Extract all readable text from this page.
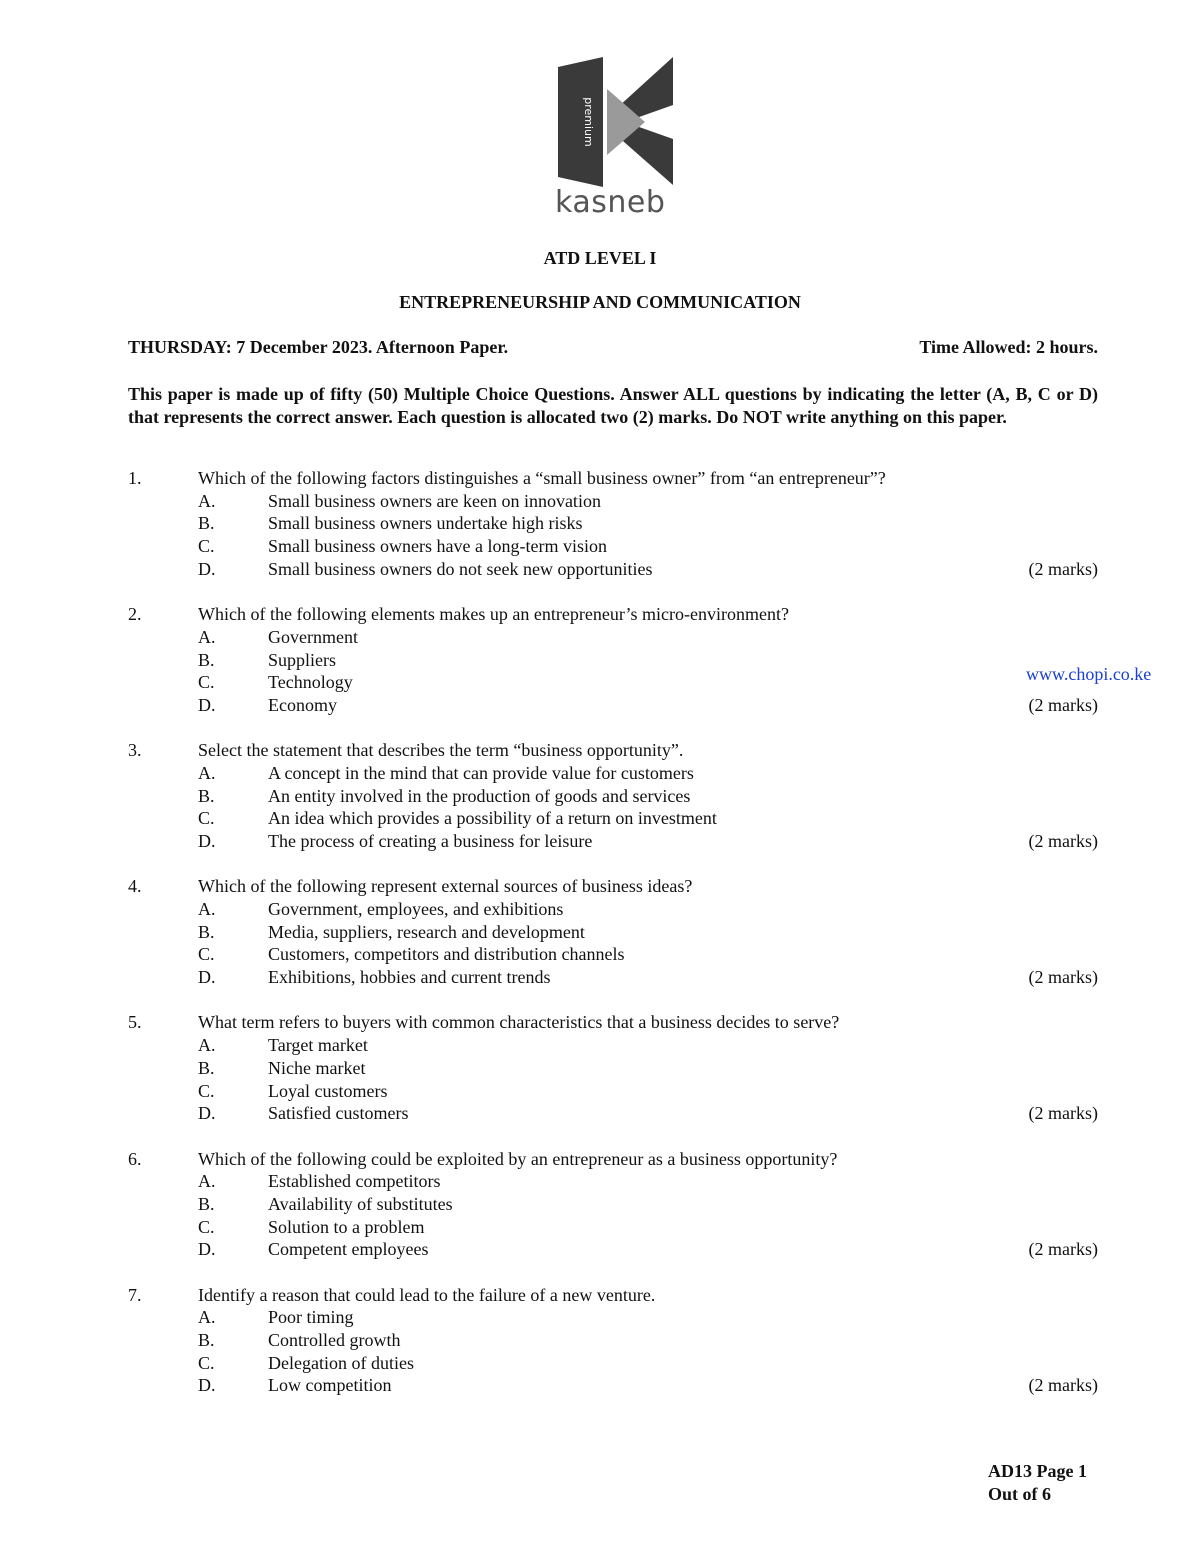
premium
kasneb
ATD LEVEL I
ENTREPRENEURSHIP AND COMMUNICATION
THURSDAY: 7 December 2023. Afternoon Paper.	Time Allowed: 2 hours.
This paper is made up of fifty (50) Multiple Choice Questions. Answer ALL questions by indicating the letter (A, B, C or D) that represents the correct answer. Each question is allocated two (2) marks. Do NOT write anything on this paper.
1.	Which of the following factors distinguishes a “small business owner” from “an entrepreneur”?
A.	Small business owners are keen on innovation
B.	Small business owners undertake high risks
C.	Small business owners have a long-term vision
D.	Small business owners do not seek new opportunities	(2 marks)
2.	Which of the following elements makes up an entrepreneur’s micro-environment?
A.	Government
B.	Suppliers
C.	Technology
D.	Economy	(2 marks)
3.	Select the statement that describes the term “business opportunity”.
A.	A concept in the mind that can provide value for customers
B.	An entity involved in the production of goods and services
C.	An idea which provides a possibility of a return on investment
D.	The process of creating a business for leisure	(2 marks)
4.	Which of the following represent external sources of business ideas?
A.	Government, employees, and exhibitions
B.	Media, suppliers, research and development
C.	Customers, competitors and distribution channels
D.	Exhibitions, hobbies and current trends	(2 marks)
5.	What term refers to buyers with common characteristics that a business decides to serve?
A.	Target market
B.	Niche market
C.	Loyal customers
D.	Satisfied customers	(2 marks)
6.	Which of the following could be exploited by an entrepreneur as a business opportunity?
A.	Established competitors
B.	Availability of substitutes
C.	Solution to a problem
D.	Competent employees	(2 marks)
7.	Identify a reason that could lead to the failure of a new venture.
A.	Poor timing
B.	Controlled growth
C.	Delegation of duties
D.	Low competition	(2 marks)
www.chopi.co.ke
AD13 Page 1
Out of 6
